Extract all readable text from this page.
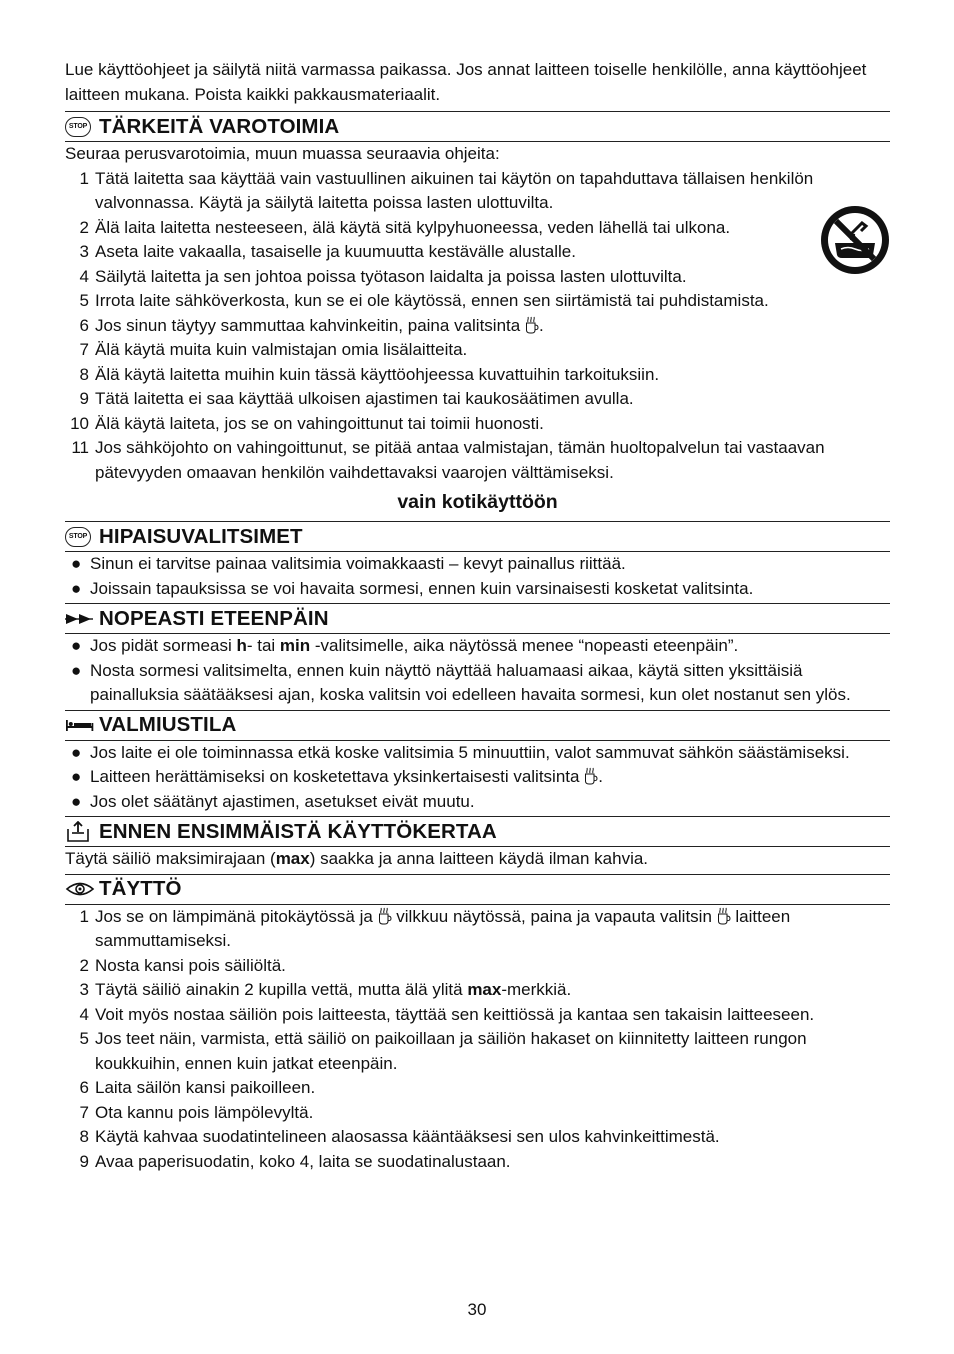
Lue käyttöohjeet ja säilytä niitä varmassa paikassa. Jos annat laitteen toiselle henkilölle, anna käyttöohjeet laitteen mukana. Poista kaikki pakkausmateriaalit.

STOP TÄRKEITÄ VAROTOIMIA

Seuraa perusvarotoimia, muun muassa seuraavia ohjeita:

1 Tätä laitetta saa käyttää vain vastuullinen aikuinen tai käytön on tapahduttava tällaisen henkilön valvonnassa. Käytä ja säilytä laitetta poissa lasten ulottuvilta.
2 Älä laita laitetta nesteeseen, älä käytä sitä kylpyhuoneessa, veden lähellä tai ulkona.
3 Aseta laite vakaalla, tasaiselle ja kuumuutta kestävälle alustalle.
4 Säilytä laitetta ja sen johtoa poissa työtason laidalta ja poissa lasten ulottuvilta.
5 Irrota laite sähköverkosta, kun se ei ole käytössä, ennen sen siirtämistä tai puhdistamista.
6 Jos sinun täytyy sammuttaa kahvinkeitin, paina valitsinta .
7 Älä käytä muita kuin valmistajan omia lisälaitteita.
8 Älä käytä laitetta muihin kuin tässä käyttöohjeessa kuvattuihin tarkoituksiin.
9 Tätä laitetta ei saa käyttää ulkoisen ajastimen tai kaukosäätimen avulla.
10 Älä käytä laiteta, jos se on vahingoittunut tai toimii huonosti.
11 Jos sähköjohto on vahingoittunut, se pitää antaa valmistajan, tämän huoltopalvelun tai vastaavan pätevyyden omaavan henkilön vaihdettavaksi vaarojen välttämiseksi.
vain kotikäyttöön
STOP HIPAISUVALITSIMET
● Sinun ei tarvitse painaa valitsimia voimakkaasti – kevyt painallus riittää.
● Joissain tapauksissa se voi havaita sormesi, ennen kuin varsinaisesti kosketat valitsinta.
NOPEASTI ETEENPÄIN
● Jos pidät sormeasi h- tai min -valitsimelle, aika näytössä menee “nopeasti eteenpäin”.
● Nosta sormesi valitsimelta, ennen kuin näyttö näyttää haluamaasi aikaa, käytä sitten yksittäisiä painalluksia säätääksesi ajan, koska valitsin voi edelleen havaita sormesi, kun olet nostanut sen ylös.
VALMIUSTILA
● Jos laite ei ole toiminnassa etkä koske valitsimia 5 minuuttiin, valot sammuvat sähkön säästämiseksi.
● Laitteen herättämiseksi on kosketettava yksinkertaisesti valitsinta .
● Jos olet säätänyt ajastimen, asetukset eivät muutu.
ENNEN ENSIMMÄISTÄ KÄYTTÖKERTAA

Täytä säiliö maksimirajaan (max) saakka ja anna laitteen käydä ilman kahvia.

TÄYTTÖ
1 Jos se on lämpimänä pitokäytössä ja vilkkuu näytössä, paina ja vapauta valitsin laitteen sammuttamiseksi.
2 Nosta kansi pois säiliöltä.
3 Täytä säiliö ainakin 2 kupilla vettä, mutta älä ylitä max-merkkiä.
4 Voit myös nostaa säiliön pois laitteesta, täyttää sen keittiössä ja kantaa sen takaisin laitteeseen.
5 Jos teet näin, varmista, että säiliö on paikoillaan ja säiliön hakaset on kiinnitetty laitteen rungon koukkuihin, ennen kuin jatkat eteenpäin.
6 Laita säilön kansi paikoilleen.
7 Ota kannu pois lämpölevyltä.
8 Käytä kahvaa suodatintelineen alaosassa kääntääksesi sen ulos kahvinkeittimestä.
9 Avaa paperisuodatin, koko 4, laita se suodatinalustaan.
30
